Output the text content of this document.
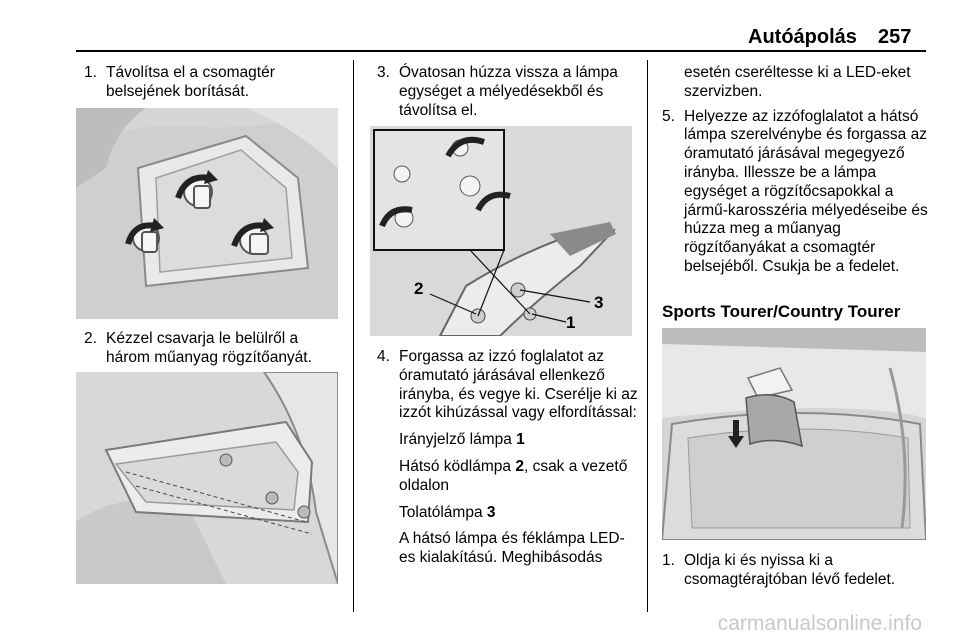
Autóápolás 257

1. Távolítsa el a csomagtér belsejének borítását.

2. Kézzel csavarja le belülről a három műanyag rögzítőanyát.

3. Óvatosan húzza vissza a lámpa egységet a mélyedésekből és távolítsa el.

2
3
1

4. Forgassa az izzó foglalatot az óramutató járásával ellenkező irányba, és vegye ki. Cserélje ki az izzót kihúzással vagy elfordítással:

Irányjelző lámpa 1

Hátsó ködlámpa 2, csak a vezető oldalon

Tolatólámpa 3

A hátsó lámpa és féklámpa LED-es kialakítású. Meghibásodás

esetén cseréltesse ki a LED-eket szervizben.

5. Helyezze az izzófoglalatot a hátsó lámpa szerelvénybe és forgassa az óramutató járásával megegyező irányba. Illessze be a lámpa egységet a rögzítőcsapokkal a jármű-karosszéria mélyedéseibe és húzza meg a műanyag rögzítőanyákat a csomagtér belsejéből. Csukja be a fedelet.

Sports Tourer/Country Tourer

1. Oldja ki és nyissa ki a csomagtérajtóban lévő fedelet.

carmanualsonline.info
